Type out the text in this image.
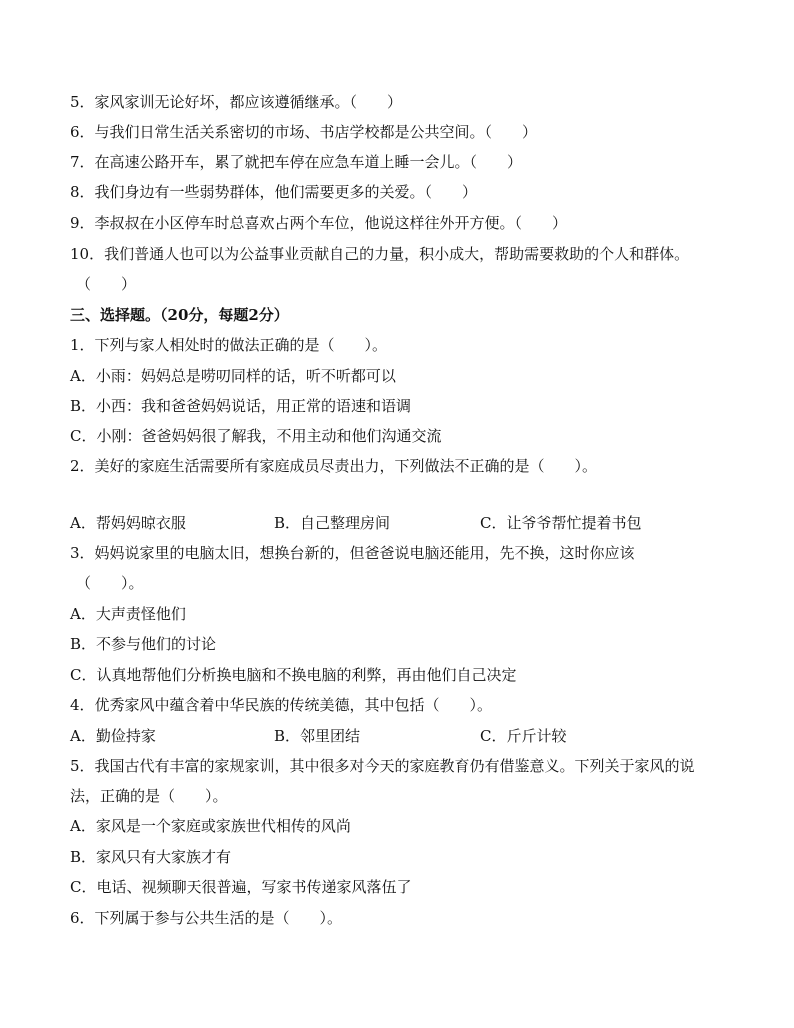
5．家风家训无论好坏，都应该遵循继承。（　　）
6．与我们日常生活关系密切的市场、书店学校都是公共空间。（　　）
7．在高速公路开车，累了就把车停在应急车道上睡一会儿。（　　）
8．我们身边有一些弱势群体，他们需要更多的关爱。（　　）
9．李叔叔在小区停车时总喜欢占两个车位，他说这样往外开方便。（　　）
10．我们普通人也可以为公益事业贡献自己的力量，积小成大，帮助需要救助的个人和群体。
（　　）
三、选择题。（20分，每题2分）
1．下列与家人相处时的做法正确的是（　　）。
A．小雨：妈妈总是唠叨同样的话，听不听都可以
B．小西：我和爸爸妈妈说话，用正常的语速和语调
C．小刚：爸爸妈妈很了解我，不用主动和他们沟通交流
2．美好的家庭生活需要所有家庭成员尽责出力，下列做法不正确的是（　　）。
A．帮妈妈晾衣服	B．自己整理房间	C．让爷爷帮忙提着书包
3．妈妈说家里的电脑太旧，想换台新的，但爸爸说电脑还能用，先不换，这时你应该
（　　）。
A．大声责怪他们
B．不参与他们的讨论
C．认真地帮他们分析换电脑和不换电脑的利弊，再由他们自己决定
4．优秀家风中蕴含着中华民族的传统美德，其中包括（　　）。
A．勤俭持家	B．邻里团结	C．斤斤计较
5．我国古代有丰富的家规家训，其中很多对今天的家庭教育仍有借鉴意义。下列关于家风的说
法，正确的是（　　）。
A．家风是一个家庭或家族世代相传的风尚
B．家风只有大家族才有
C．电话、视频聊天很普遍，写家书传递家风落伍了
6．下列属于参与公共生活的是（　　）。
